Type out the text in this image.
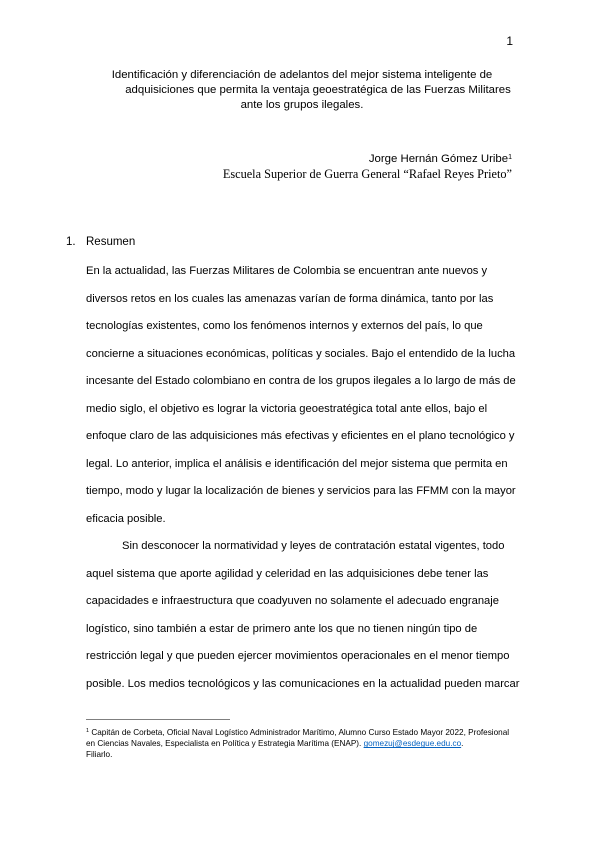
1
Identificación y diferenciación de adelantos del mejor sistema inteligente de
adquisiciones que permita la ventaja geoestratégica de las Fuerzas Militares
ante los grupos ilegales.
Jorge Hernán Gómez Uribe$^1$
Escuela Superior de Guerra General “Rafael Reyes Prieto”
1. Resumen
En la actualidad, las Fuerzas Militares de Colombia se encuentran ante nuevos y
diversos retos en los cuales las amenazas varían de forma dinámica, tanto por las
tecnologías existentes, como los fenómenos internos y externos del país, lo que
concierne a situaciones económicas, políticas y sociales. Bajo el entendido de la lucha
incesante del Estado colombiano en contra de los grupos ilegales a lo largo de más de
medio siglo, el objetivo es lograr la victoria geoestratégica total ante ellos, bajo el
enfoque claro de las adquisiciones más efectivas y eficientes en el plano tecnológico y
legal. Lo anterior, implica el análisis e identificación del mejor sistema que permita en
tiempo, modo y lugar la localización de bienes y servicios para las FFMM con la mayor
eficacia posible.
Sin desconocer la normatividad y leyes de contratación estatal vigentes, todo
aquel sistema que aporte agilidad y celeridad en las adquisiciones debe tener las
capacidades e infraestructura que coadyuven no solamente el adecuado engranaje
logístico, sino también a estar de primero ante los que no tienen ningún tipo de
restricción legal y que pueden ejercer movimientos operacionales en el menor tiempo
posible. Los medios tecnológicos y las comunicaciones en la actualidad pueden marcar
$^1$ Capitán de Corbeta, Oficial Naval Logístico Administrador Marítimo, Alumno Curso Estado Mayor 2022, Profesional
en Ciencias Navales, Especialista en Política y Estrategia Marítima (ENAP). gomezuj@esdegue.edu.co.
Filiarlo.
